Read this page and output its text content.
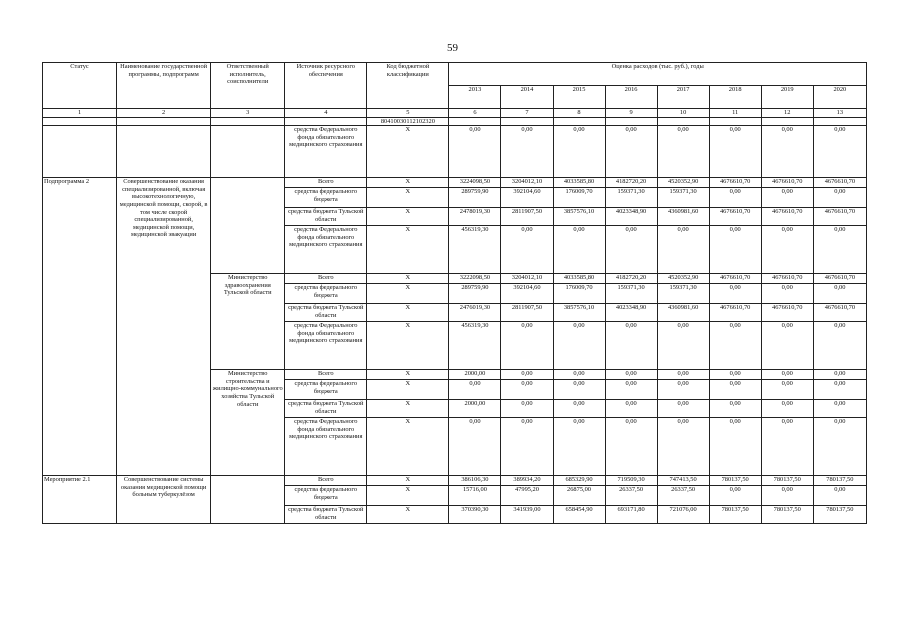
59
Статус	Наименование государственной программы, подпрограмм	Ответственный исполнитель, соисполнители	Источник ресурсного обеспечения	Код бюджетной классификации	Оценка расходов (тыс. руб.), годы							
					2013	2014	2015	2016	2017	2018	2019	2020
1	2	3	4	5	6	7	8	9	10	11	12	13
				80410030112102320								
			средства Федерального фонда обязательного медицинского страхования	Х	0,00	0,00	0,00	0,00	0,00	0,00	0,00	0,00
Подпрограмма 2	Совершенствование оказания специализированной, включая высокотехнологичную, медицинской помощи, скорой, в том числе скорой специализированной, медицинской помощи, медицинской эвакуации		Всего	Х	3224098,50	3204012,10	4033585,80	4182720,20	4520352,90	4676610,70	4676610,70	4676610,70
			средства федерального бюджета	Х	289759,90	392104,60	176009,70	159371,30	159371,30	0,00	0,00	0,00
			средства бюджета Тульской области	Х	2478019,30	2811907,50	3857576,10	4023348,90	4360981,60	4676610,70	4676610,70	4676610,70
			средства Федерального фонда обязательного медицинского страхования	Х	456319,30	0,00	0,00	0,00	0,00	0,00	0,00	0,00
		Министерство здравоохранения Тульской области	Всего	Х	3222098,50	3204012,10	4033585,80	4182720,20	4520352,90	4676610,70	4676610,70	4676610,70
			средства федерального бюджета	Х	289759,90	392104,60	176009,70	159371,30	159371,30	0,00	0,00	0,00
			средства бюджета Тульской области	Х	2476019,30	2811907,50	3857576,10	4023348,90	4360981,60	4676610,70	4676610,70	4676610,70
			средства Федерального фонда обязательного медицинского страхования	Х	456319,30	0,00	0,00	0,00	0,00	0,00	0,00	0,00
		Министерство строительства и жилищно-коммунального хозяйства Тульской области	Всего	Х	2000,00	0,00	0,00	0,00	0,00	0,00	0,00	0,00
			средства федерального бюджета	Х	0,00	0,00	0,00	0,00	0,00	0,00	0,00	0,00
			средства бюджета Тульской области	Х	2000,00	0,00	0,00	0,00	0,00	0,00	0,00	0,00
			средства Федерального фонда обязательного медицинского страхования	Х	0,00	0,00	0,00	0,00	0,00	0,00	0,00	0,00
Мероприятие 2.1	Совершенствование системы оказания медицинской помощи больным туберкулёзом		Всего	Х	386106,30	389934,20	685329,90	719509,30	747413,50	780137,50	780137,50	780137,50
			средства федерального бюджета	Х	15716,00	47995,20	26875,00	26337,50	26337,50	0,00	0,00	0,00
			средства бюджета Тульской области	Х	370390,30	341939,00	658454,90	693171,80	721076,00	780137,50	780137,50	780137,50
